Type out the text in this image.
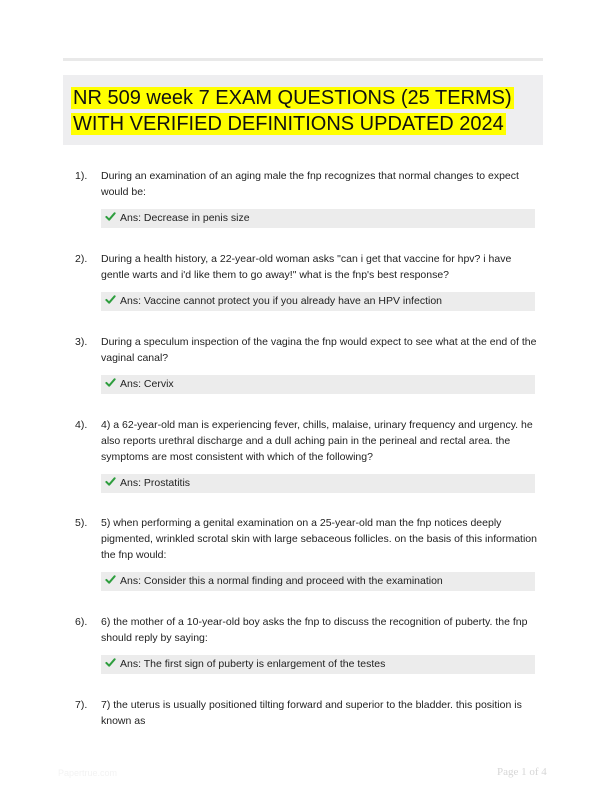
NR 509 week 7 EXAM QUESTIONS (25 TERMS)
WITH VERIFIED DEFINITIONS UPDATED 2024
1). During an examination of an aging male the fnp recognizes that normal changes to expect would be:
Ans: Decrease in penis size
2). During a health history, a 22-year-old woman asks "can i get that vaccine for hpv? i have gentle warts and i'd like them to go away!" what is the fnp's best response?
Ans: Vaccine cannot protect you if you already have an HPV infection
3). During a speculum inspection of the vagina the fnp would expect to see what at the end of the vaginal canal?
Ans: Cervix
4). 4) a 62-year-old man is experiencing fever, chills, malaise, urinary frequency and urgency. he also reports urethral discharge and a dull aching pain in the perineal and rectal area. the symptoms are most consistent with which of the following?
Ans: Prostatitis
5). 5) when performing a genital examination on a 25-year-old man the fnp notices deeply pigmented, wrinkled scrotal skin with large sebaceous follicles. on the basis of this information the fnp would:
Ans: Consider this a normal finding and proceed with the examination
6). 6) the mother of a 10-year-old boy asks the fnp to discuss the recognition of puberty. the fnp should reply by saying:
Ans: The first sign of puberty is enlargement of the testes
7). 7) the uterus is usually positioned tilting forward and superior to the bladder. this position is known as
Papertrue.com	Page 1 of 4
